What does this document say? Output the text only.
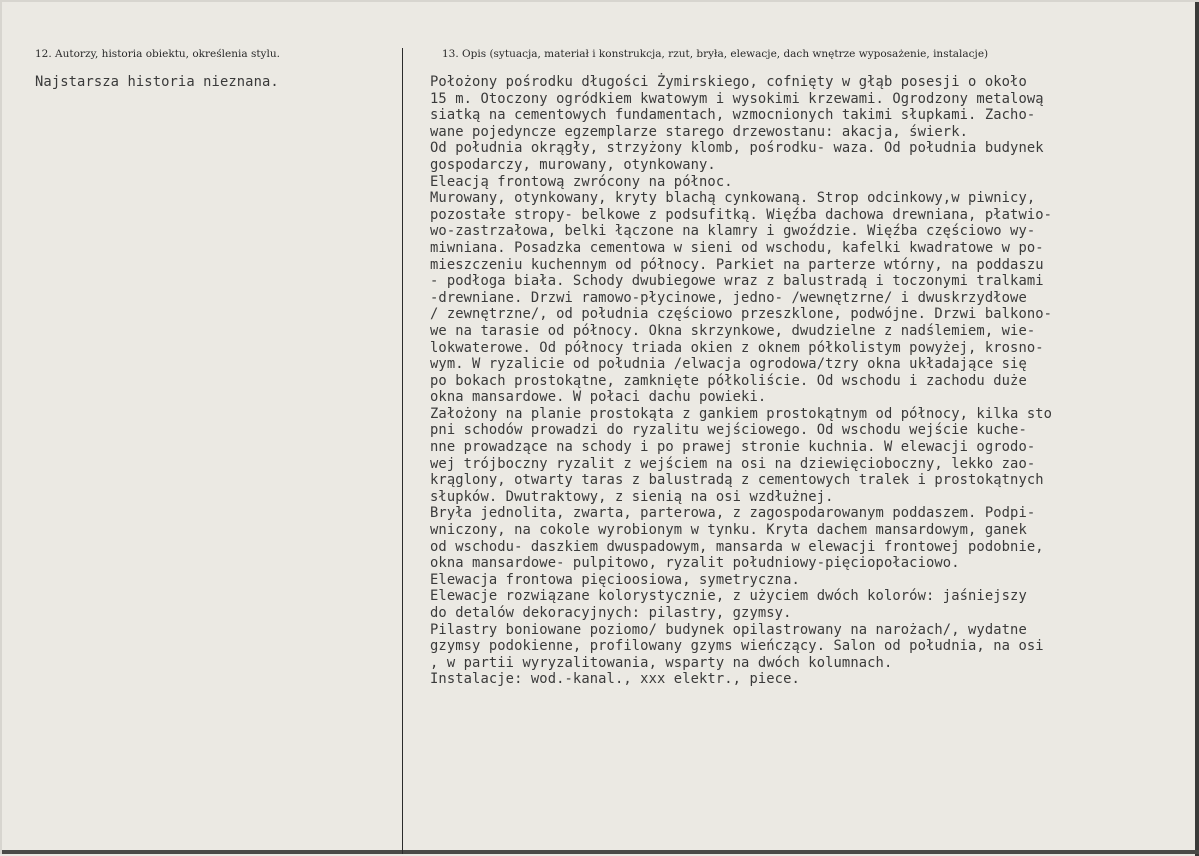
12. Autorzy, historia obiektu, określenia stylu.

Najstarsza historia nieznana.

13. Opis (sytuacja, materiał i konstrukcja, rzut, bryła, elewacje, dach wnętrze wyposażenie, instalacje)

Położony pośrodku długości Żymirskiego, cofnięty w głąb posesji o około

15 m. Otoczony ogródkiem kwatowym i wysokimi krzewami. Ogrodzony metalową

siatką na cementowych fundamentach, wzmocnionych takimi słupkami. Zacho-

wane pojedyncze egzemplarze starego drzewostanu: akacja, świerk.

Od południa okrągły, strzyżony klomb, pośrodku- waza. Od południa budynek

gospodarczy, murowany, otynkowany.

Eleacją frontową zwrócony na północ.

Murowany, otynkowany, kryty blachą cynkowaną. Strop odcinkowy,w piwnicy,

pozostałe stropy- belkowe z podsufitką. Więźba dachowa drewniana, płatwio-

wo-zastrzałowa, belki łączone na klamry i gwoździe. Więźba częściowo wy-

miwniana. Posadzka cementowa w sieni od wschodu, kafelki kwadratowe w po-

mieszczeniu kuchennym od północy. Parkiet na parterze wtórny, na poddaszu

- podłoga biała. Schody dwubiegowe wraz z balustradą i toczonymi tralkami

-drewniane. Drzwi ramowo-płycinowe, jedno- /wewnętzrne/ i dwuskrzydłowe

/ zewnętrzne/, od południa częściowo przeszklone, podwójne. Drzwi balkono-

we na tarasie od północy. Okna skrzynkowe, dwudzielne z nadślemiem, wie-

lokwaterowe. Od północy triada okien z oknem półkolistym powyżej, krosno-

wym. W ryzalicie od południa /elwacja ogrodowa/tzry okna układające się

po bokach prostokątne, zamknięte półkoliście. Od wschodu i zachodu duże

okna mansardowe. W połaci dachu powieki.

Założony na planie prostokąta z gankiem prostokątnym od północy, kilka sto

pni schodów prowadzi do ryzalitu wejściowego. Od wschodu wejście kuche-

nne prowadzące na schody i po prawej stronie kuchnia. W elewacji ogrodo-

wej trójboczny ryzalit z wejściem na osi na dziewięcioboczny, lekko zao-

krąglony, otwarty taras z balustradą z cementowych tralek i prostokątnych

słupków. Dwutraktowy, z sienią na osi wzdłużnej.

Bryła jednolita, zwarta, parterowa, z zagospodarowanym poddaszem. Podpi-

wniczony, na cokole wyrobionym w tynku. Kryta dachem mansardowym, ganek

od wschodu- daszkiem dwuspadowym, mansarda w elewacji frontowej podobnie,

okna mansardowe- pulpitowo, ryzalit południowy-pięciopołaciowo.

Elewacja frontowa pięcioosiowa, symetryczna.

Elewacje rozwiązane kolorystycznie, z użyciem dwóch kolorów: jaśniejszy

do detalów dekoracyjnych: pilastry, gzymsy.

Pilastry boniowane poziomo/ budynek opilastrowany na narożach/, wydatne

gzymsy podokienne, profilowany gzyms wieńczący. Salon od południa, na osi

, w partii wyryzalitowania, wsparty na dwóch kolumnach.

Instalacje: wod.-kanal., xxx elektr., piece.
